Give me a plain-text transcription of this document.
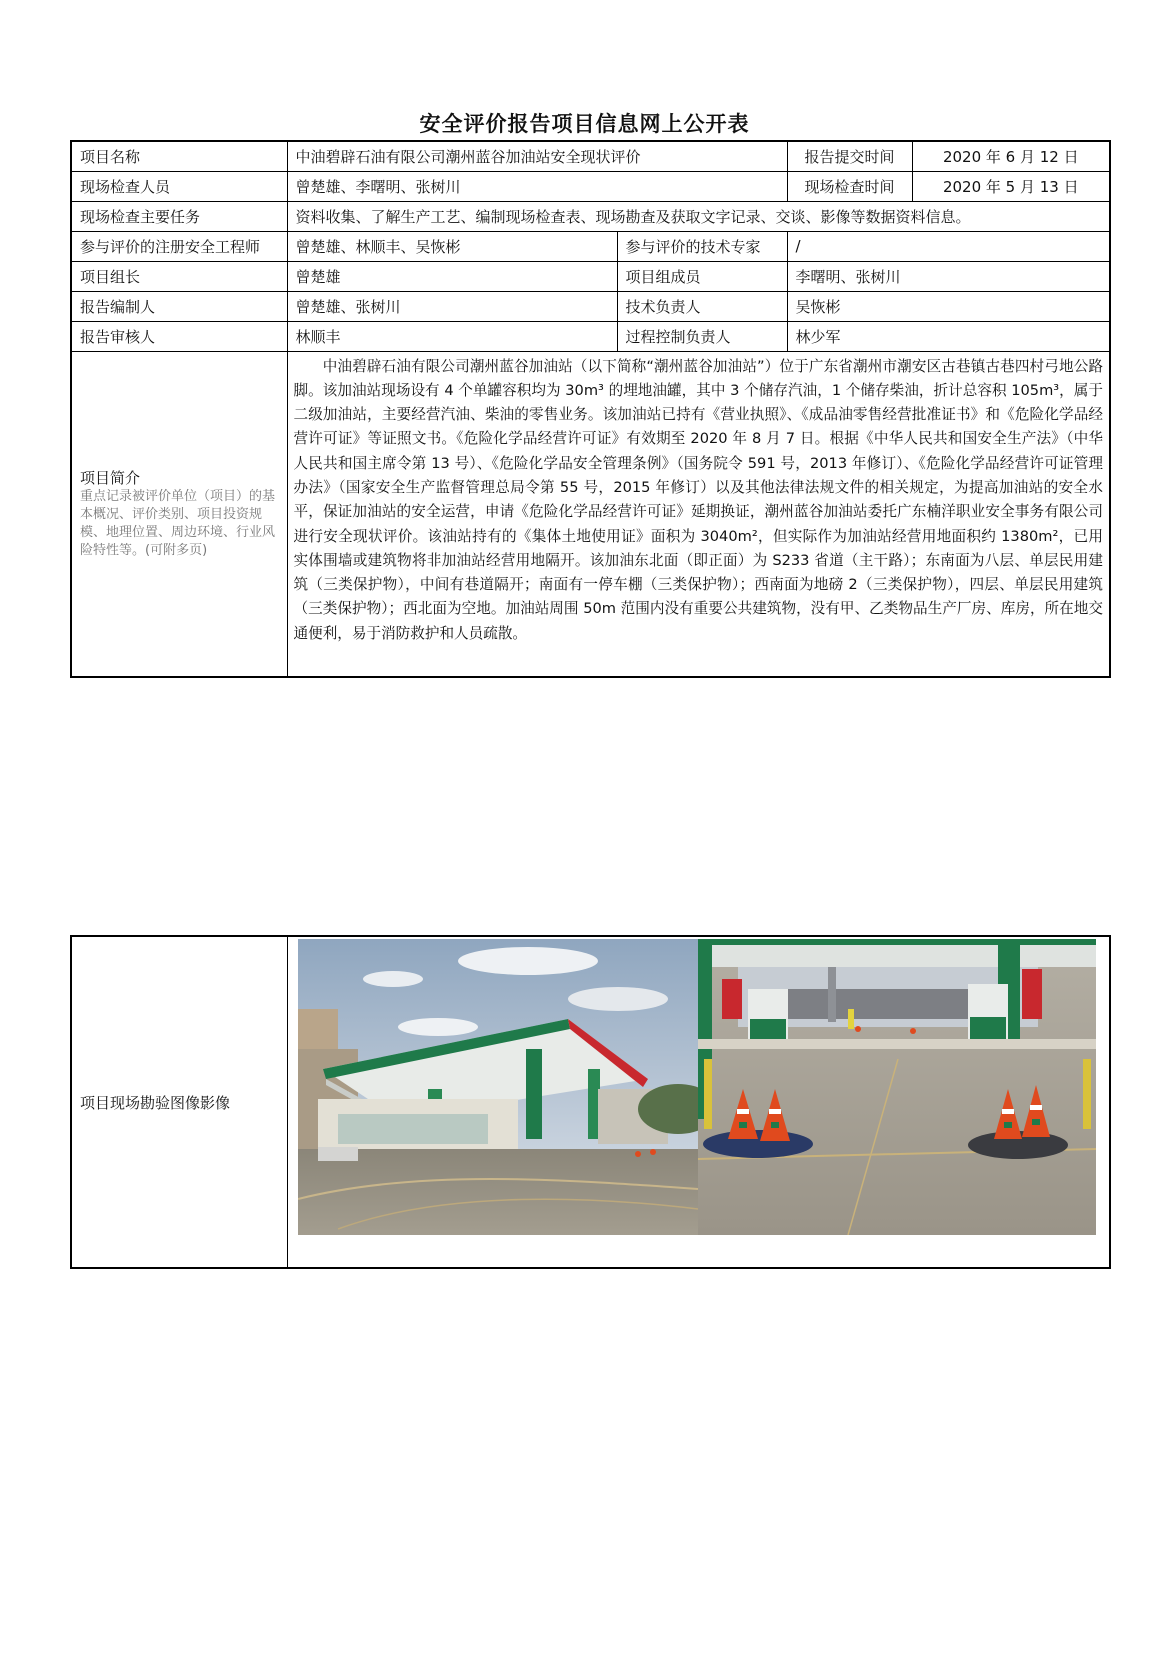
安全评价报告项目信息网上公开表
项目名称	中油碧辟石油有限公司潮州蓝谷加油站安全现状评价		报告提交时间	2020 年 6 月 12 日
现场检查人员	曾楚雄、李曙明、张树川		现场检查时间	2020 年 5 月 13 日
现场检查主要任务	资料收集、了解生产工艺、编制现场检查表、现场勘查及获取文字记录、交谈、影像等数据资料信息。			
参与评价的注册安全工程师	曾楚雄、林顺丰、吴恢彬	参与评价的技术专家	/	
项目组长	曾楚雄	项目组成员	李曙明、张树川	
报告编制人	曾楚雄、张树川	技术负责人	吴恢彬	
报告审核人	林顺丰	过程控制负责人	林少军	

项目简介
重点记录被评价单位（项目）的基本概况、评价类别、项目投资规模、地理位置、周边环境、行业风险特性等。(可附多页)	中油碧辟石油有限公司潮州蓝谷加油站（以下简称“潮州蓝谷加油站”）位于广东省潮州市潮安区古巷镇古巷四村弓地公路脚。该加油站现场设有 4 个单罐容积均为 30m³ 的埋地油罐，其中 3 个储存汽油，1 个储存柴油，折计总容积 105m³，属于二级加油站，主要经营汽油、柴油的零售业务。该加油站已持有《营业执照》、《成品油零售经营批准证书》和《危险化学品经营许可证》等证照文书。《危险化学品经营许可证》有效期至 2020 年 8 月 7 日。根据《中华人民共和国安全生产法》（中华人民共和国主席令第 13 号）、《危险化学品安全管理条例》（国务院令 591 号，2013 年修订）、《危险化学品经营许可证管理办法》（国家安全生产监督管理总局令第 55 号，2015 年修订）以及其他法律法规文件的相关规定，为提高加油站的安全水平，保证加油站的安全运营，申请《危险化学品经营许可证》延期换证，潮州蓝谷加油站委托广东楠洋职业安全事务有限公司进行安全现状评价。该油站持有的《集体土地使用证》面积为 3040m²，但实际作为加油站经营用地面积约 1380m²，已用实体围墙或建筑物将非加油站经营用地隔开。该加油东北面（即正面）为 S233 省道（主干路）；东南面为八层、单层民用建筑（三类保护物），中间有巷道隔开；南面有一停车棚（三类保护物）；西南面为地磅 2（三类保护物），四层、单层民用建筑（三类保护物）；西北面为空地。加油站周围 50m 范围内没有重要公共建筑物，没有甲、乙类物品生产厂房、库房，所在地交通便利，易于消防救护和人员疏散。			
项目现场勘验图像影像	
